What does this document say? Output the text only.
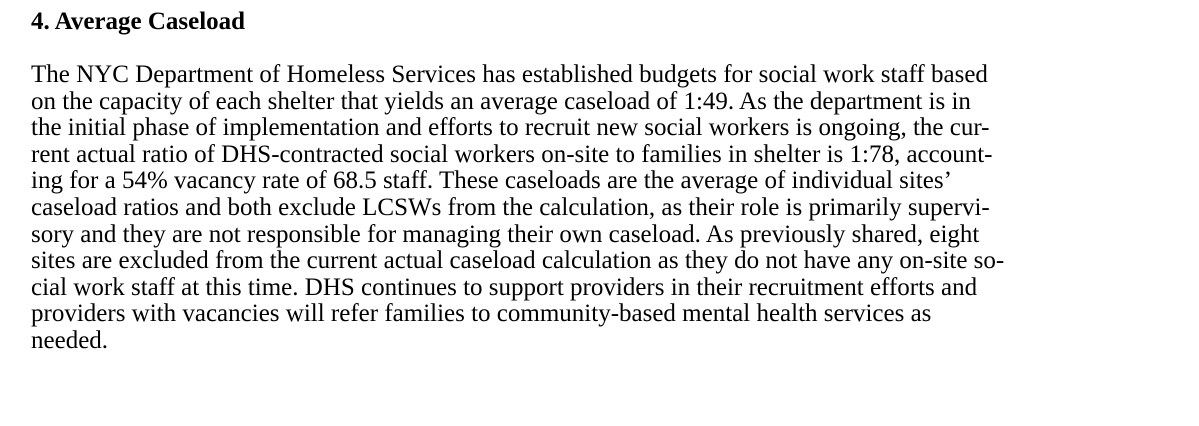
4. Average Caseload
The NYC Department of Homeless Services has established budgets for social work staff based
on the capacity of each shelter that yields an average caseload of 1:49. As the department is in
the initial phase of implementation and efforts to recruit new social workers is ongoing, the cur-
rent actual ratio of DHS-contracted social workers on-site to families in shelter is 1:78, account-
ing for a 54% vacancy rate of 68.5 staff. These caseloads are the average of individual sites’
caseload ratios and both exclude LCSWs from the calculation, as their role is primarily supervi-
sory and they are not responsible for managing their own caseload. As previously shared, eight
sites are excluded from the current actual caseload calculation as they do not have any on-site so-
cial work staff at this time. DHS continues to support providers in their recruitment efforts and
providers with vacancies will refer families to community-based mental health services as
needed.
